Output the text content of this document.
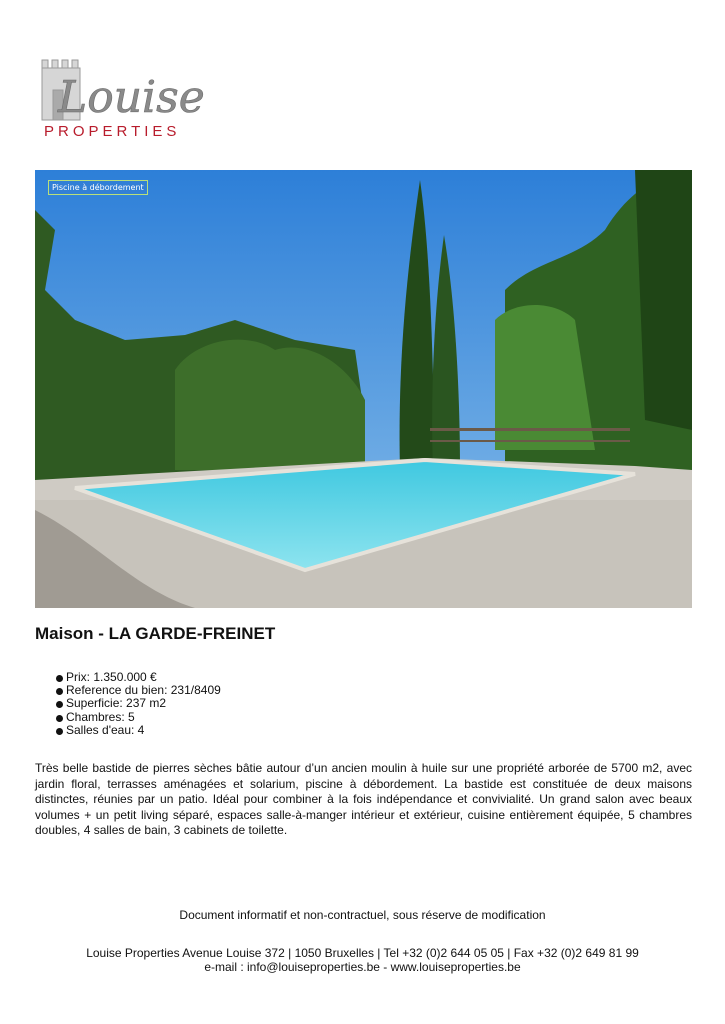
Louise
PROPERTIES
Piscine à débordement
Maison - LA GARDE-FREINET
Prix: 1.350.000 €
Reference du bien: 231/8409
Superficie: 237 m2
Chambres: 5
Salles d'eau: 4

Très belle bastide de pierres sèches bâtie autour d’un ancien moulin à huile sur une propriété arborée de 5700 m2, avec jardin floral, terrasses aménagées et solarium, piscine à débordement. La bastide est constituée de deux maisons distinctes, réunies par un patio. Idéal pour combiner à la fois indépendance et convivialité. Un grand salon avec beaux volumes + un petit living séparé, espaces salle-à-manger intérieur et extérieur, cuisine entièrement équipée, 5 chambres doubles, 4 salles de bain, 3 cabinets de toilette.

Document informatif et non-contractuel, sous réserve de modification
Louise Properties Avenue Louise 372 | 1050 Bruxelles | Tel +32 (0)2 644 05 05 | Fax +32 (0)2 649 81 99
e-mail : info@louiseproperties.be - www.louiseproperties.be
